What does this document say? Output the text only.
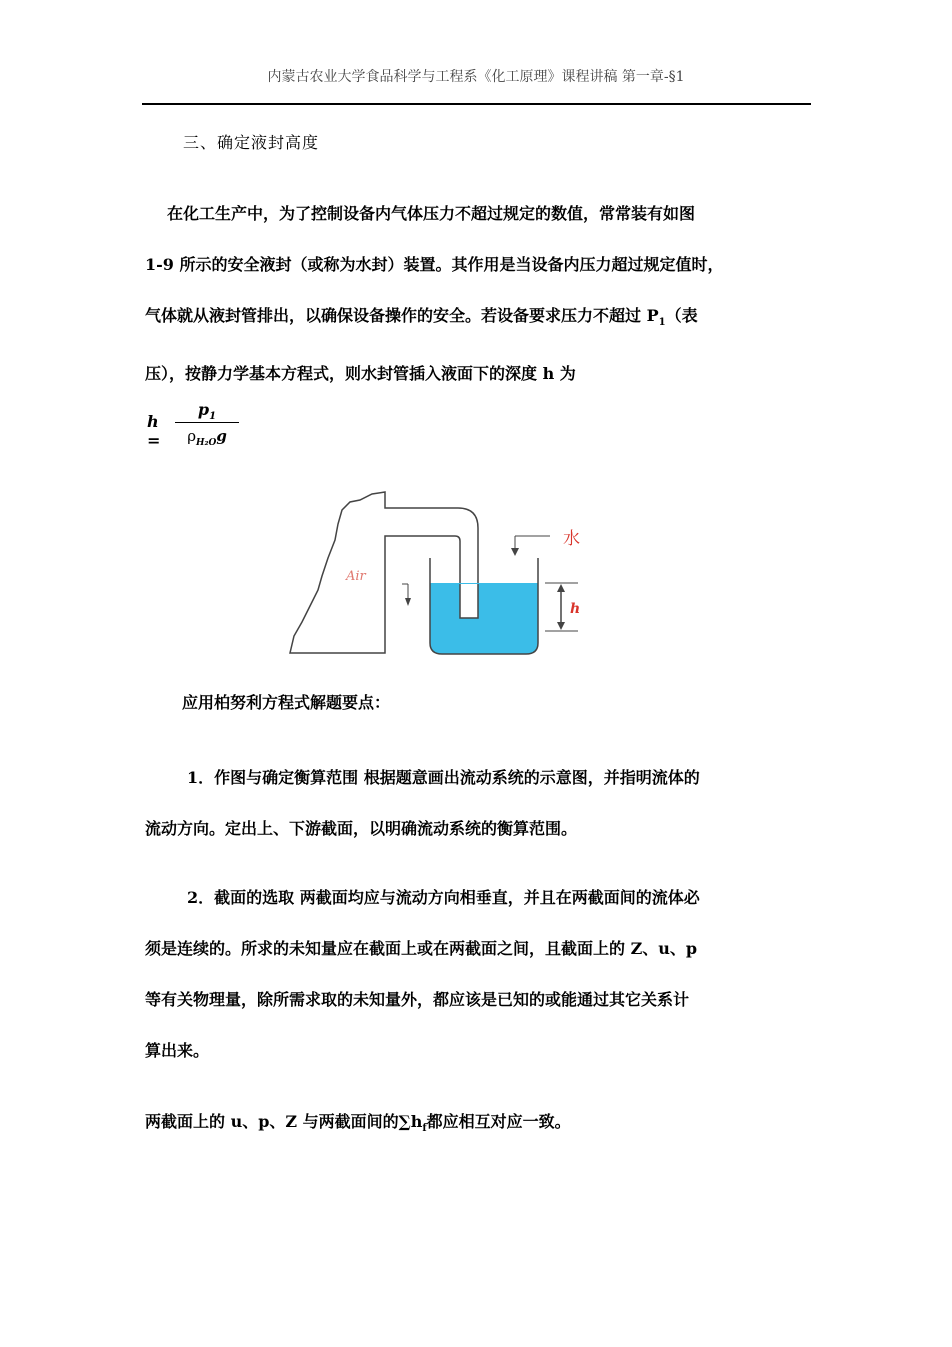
内蒙古农业大学食品科学与工程系《化工原理》课程讲稿 第一章-§1
三、确定液封高度
在化工生产中，为了控制设备内气体压力不超过规定的数值，常常装有如图
1-9 所示的安全液封（或称为水封）装置。其作用是当设备内压力超过规定值时，
气体就从液封管排出，以确保设备操作的安全。若设备要求压力不超过 $P_1$（表
压），按静力学基本方程式，则水封管插入液面下的深度 h 为
h =
$p_1$
$\rho_{H_2O}g$
水
Air
h
应用柏努利方程式解题要点：
1．作图与确定衡算范围 根据题意画出流动系统的示意图，并指明流体的
流动方向。定出上、下游截面，以明确流动系统的衡算范围。
2．截面的选取 两截面均应与流动方向相垂直，并且在两截面间的流体必
须是连续的。所求的未知量应在截面上或在两截面之间，且截面上的 Z、u、p
等有关物理量，除所需求取的未知量外，都应该是已知的或能通过其它关系计
算出来。
两截面上的 u、p、Z 与两截面间的$\sum h_f$都应相互对应一致。
